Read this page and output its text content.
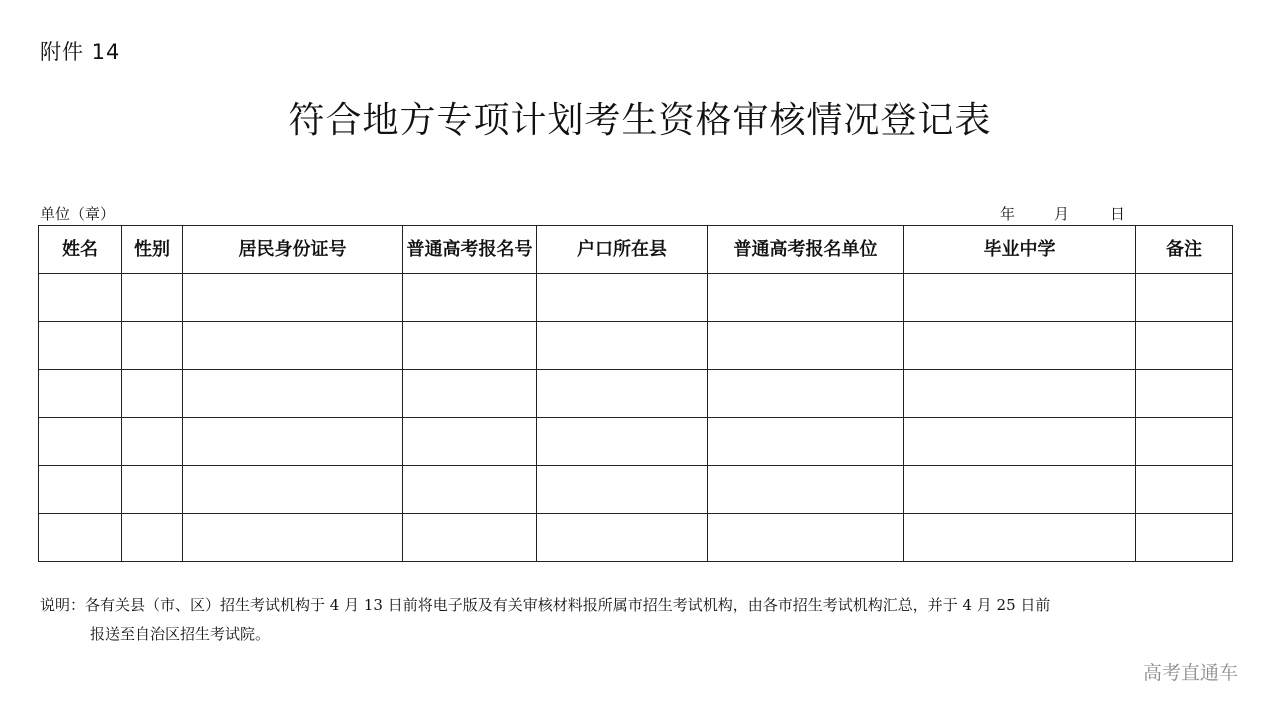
附件 14
符合地方专项计划考生资格审核情况登记表
单位（章）	年	月	日
姓名	性别	居民身份证号	普通高考报名号	户口所在县	普通高考报名单位	毕业中学	备注

说明：各有关县（市、区）招生考试机构于 4 月 13 日前将电子版及有关审核材料报所属市招生考试机构，由各市招生考试机构汇总，并于 4 月 25 日前
报送至自治区招生考试院。
高考直通车
